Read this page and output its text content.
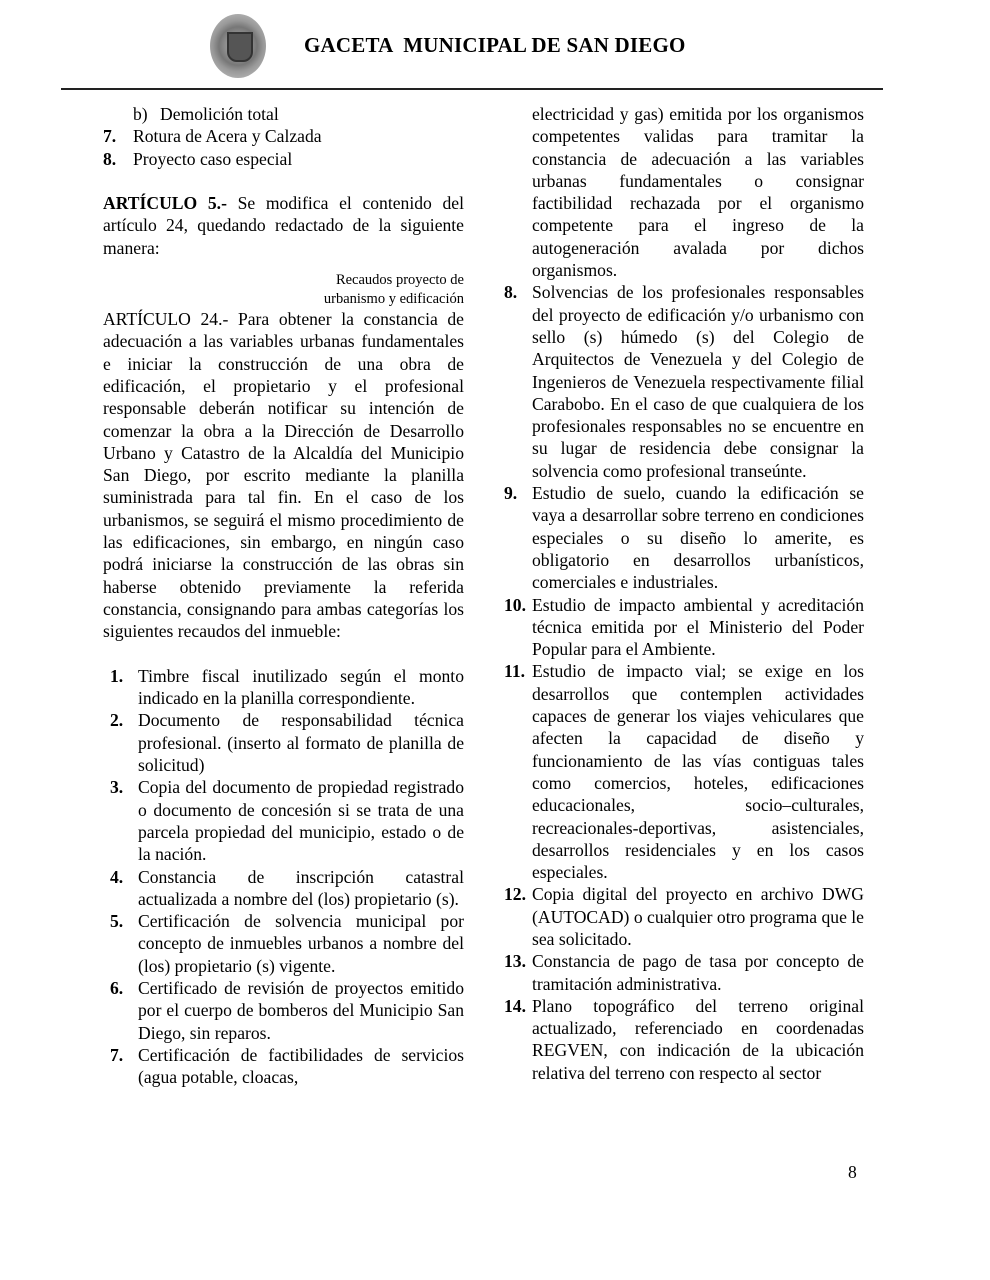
GACETA  MUNICIPAL DE SAN DIEGO
b) Demolición total
7. Rotura de Acera y Calzada
8. Proyecto caso especial

ARTÍCULO 5.- Se modifica el contenido del artículo 24, quedando redactado de la siguiente manera:

Recaudos proyecto de urbanismo y edificación

ARTÍCULO 24.- Para obtener la constancia de adecuación a las variables urbanas fundamentales e iniciar la construcción de una obra de edificación, el propietario y el profesional responsable deberán notificar su intención de comenzar la obra a la Dirección de Desarrollo Urbano y Catastro de la Alcaldía del Municipio San Diego, por escrito mediante la planilla suministrada para tal fin. En el caso de los urbanismos, se seguirá el mismo procedimiento de las edificaciones, sin embargo, en ningún caso podrá iniciarse la construcción de las obras sin haberse obtenido previamente la referida constancia, consignando para ambas categorías los siguientes recaudos del inmueble:

1. Timbre fiscal inutilizado según el monto indicado en la planilla correspondiente.
2. Documento de responsabilidad técnica profesional. (inserto al formato de planilla de solicitud)
3. Copia del documento de propiedad registrado o documento de concesión si se trata de una parcela propiedad del municipio, estado o de la nación.
4. Constancia de inscripción catastral actualizada a nombre del (los) propietario (s).
5. Certificación de solvencia municipal por concepto de inmuebles urbanos a nombre del (los) propietario (s) vigente.
6. Certificado de revisión de proyectos emitido por el cuerpo de bomberos del Municipio San Diego, sin reparos.
7. Certificación de factibilidades de servicios (agua potable, cloacas,

electricidad y gas) emitida por los organismos competentes validas para tramitar la constancia de adecuación a las variables urbanas fundamentales o consignar factibilidad rechazada por el organismo competente para el ingreso de la autogeneración avalada por dichos organismos.

8. Solvencias de los profesionales responsables del proyecto de edificación y/o urbanismo con sello (s) húmedo (s) del Colegio de Arquitectos de Venezuela y del Colegio de Ingenieros de Venezuela respectivamente filial Carabobo. En el caso de que cualquiera de los profesionales responsables no se encuentre en su lugar de residencia debe consignar la solvencia como profesional transeúnte.
9. Estudio de suelo, cuando la edificación se vaya a desarrollar sobre terreno en condiciones especiales o su diseño lo amerite, es obligatorio en desarrollos urbanísticos, comerciales e industriales.
10. Estudio de impacto ambiental y acreditación técnica emitida por el Ministerio del Poder Popular para el Ambiente.
11. Estudio de impacto vial; se exige en los desarrollos que contemplen actividades capaces de generar los viajes vehiculares que afecten la capacidad de diseño y funcionamiento de las vías contiguas tales como comercios, hoteles, edificaciones educacionales, socio–culturales, recreacionales-deportivas, asistenciales, desarrollos residenciales y en los casos especiales.
12. Copia digital del proyecto en archivo DWG (AUTOCAD) o cualquier otro programa que le sea solicitado.
13. Constancia de pago de tasa por concepto de tramitación administrativa.
14. Plano topográfico del terreno original actualizado, referenciado en coordenadas REGVEN, con indicación de la ubicación relativa del terreno con respecto al sector
8
